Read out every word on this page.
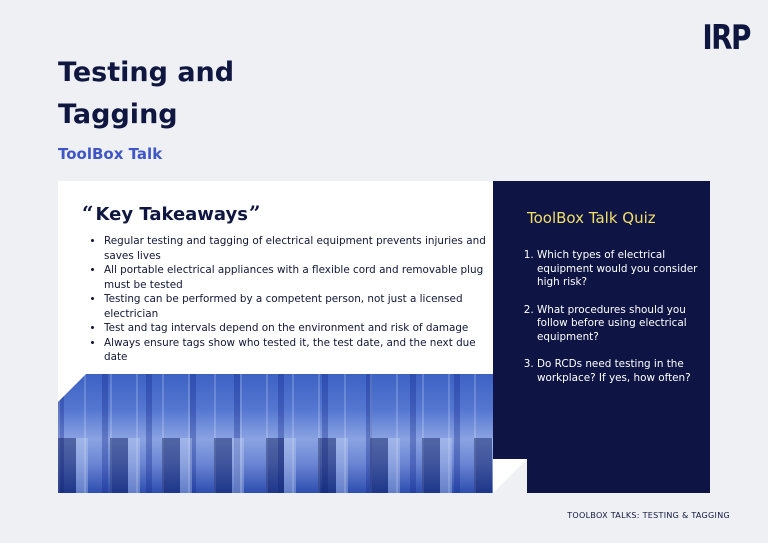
IRP
Testing and Tagging
ToolBox Talk
“ Key Takeaways”
• Regular testing and tagging of electrical equipment prevents injuries and saves lives
• All portable electrical appliances with a flexible cord and removable plug must be tested
• Testing can be performed by a competent person, not just a licensed electrician
• Test and tag intervals depend on the environment and risk of damage
• Always ensure tags show who tested it, the test date, and the next due date
ToolBox Talk Quiz
1. Which types of electrical equipment would you consider high risk?
2. What procedures should you follow before using electrical equipment?
3. Do RCDs need testing in the workplace? If yes, how often?
TOOLBOX TALKS: TESTING & TAGGING
